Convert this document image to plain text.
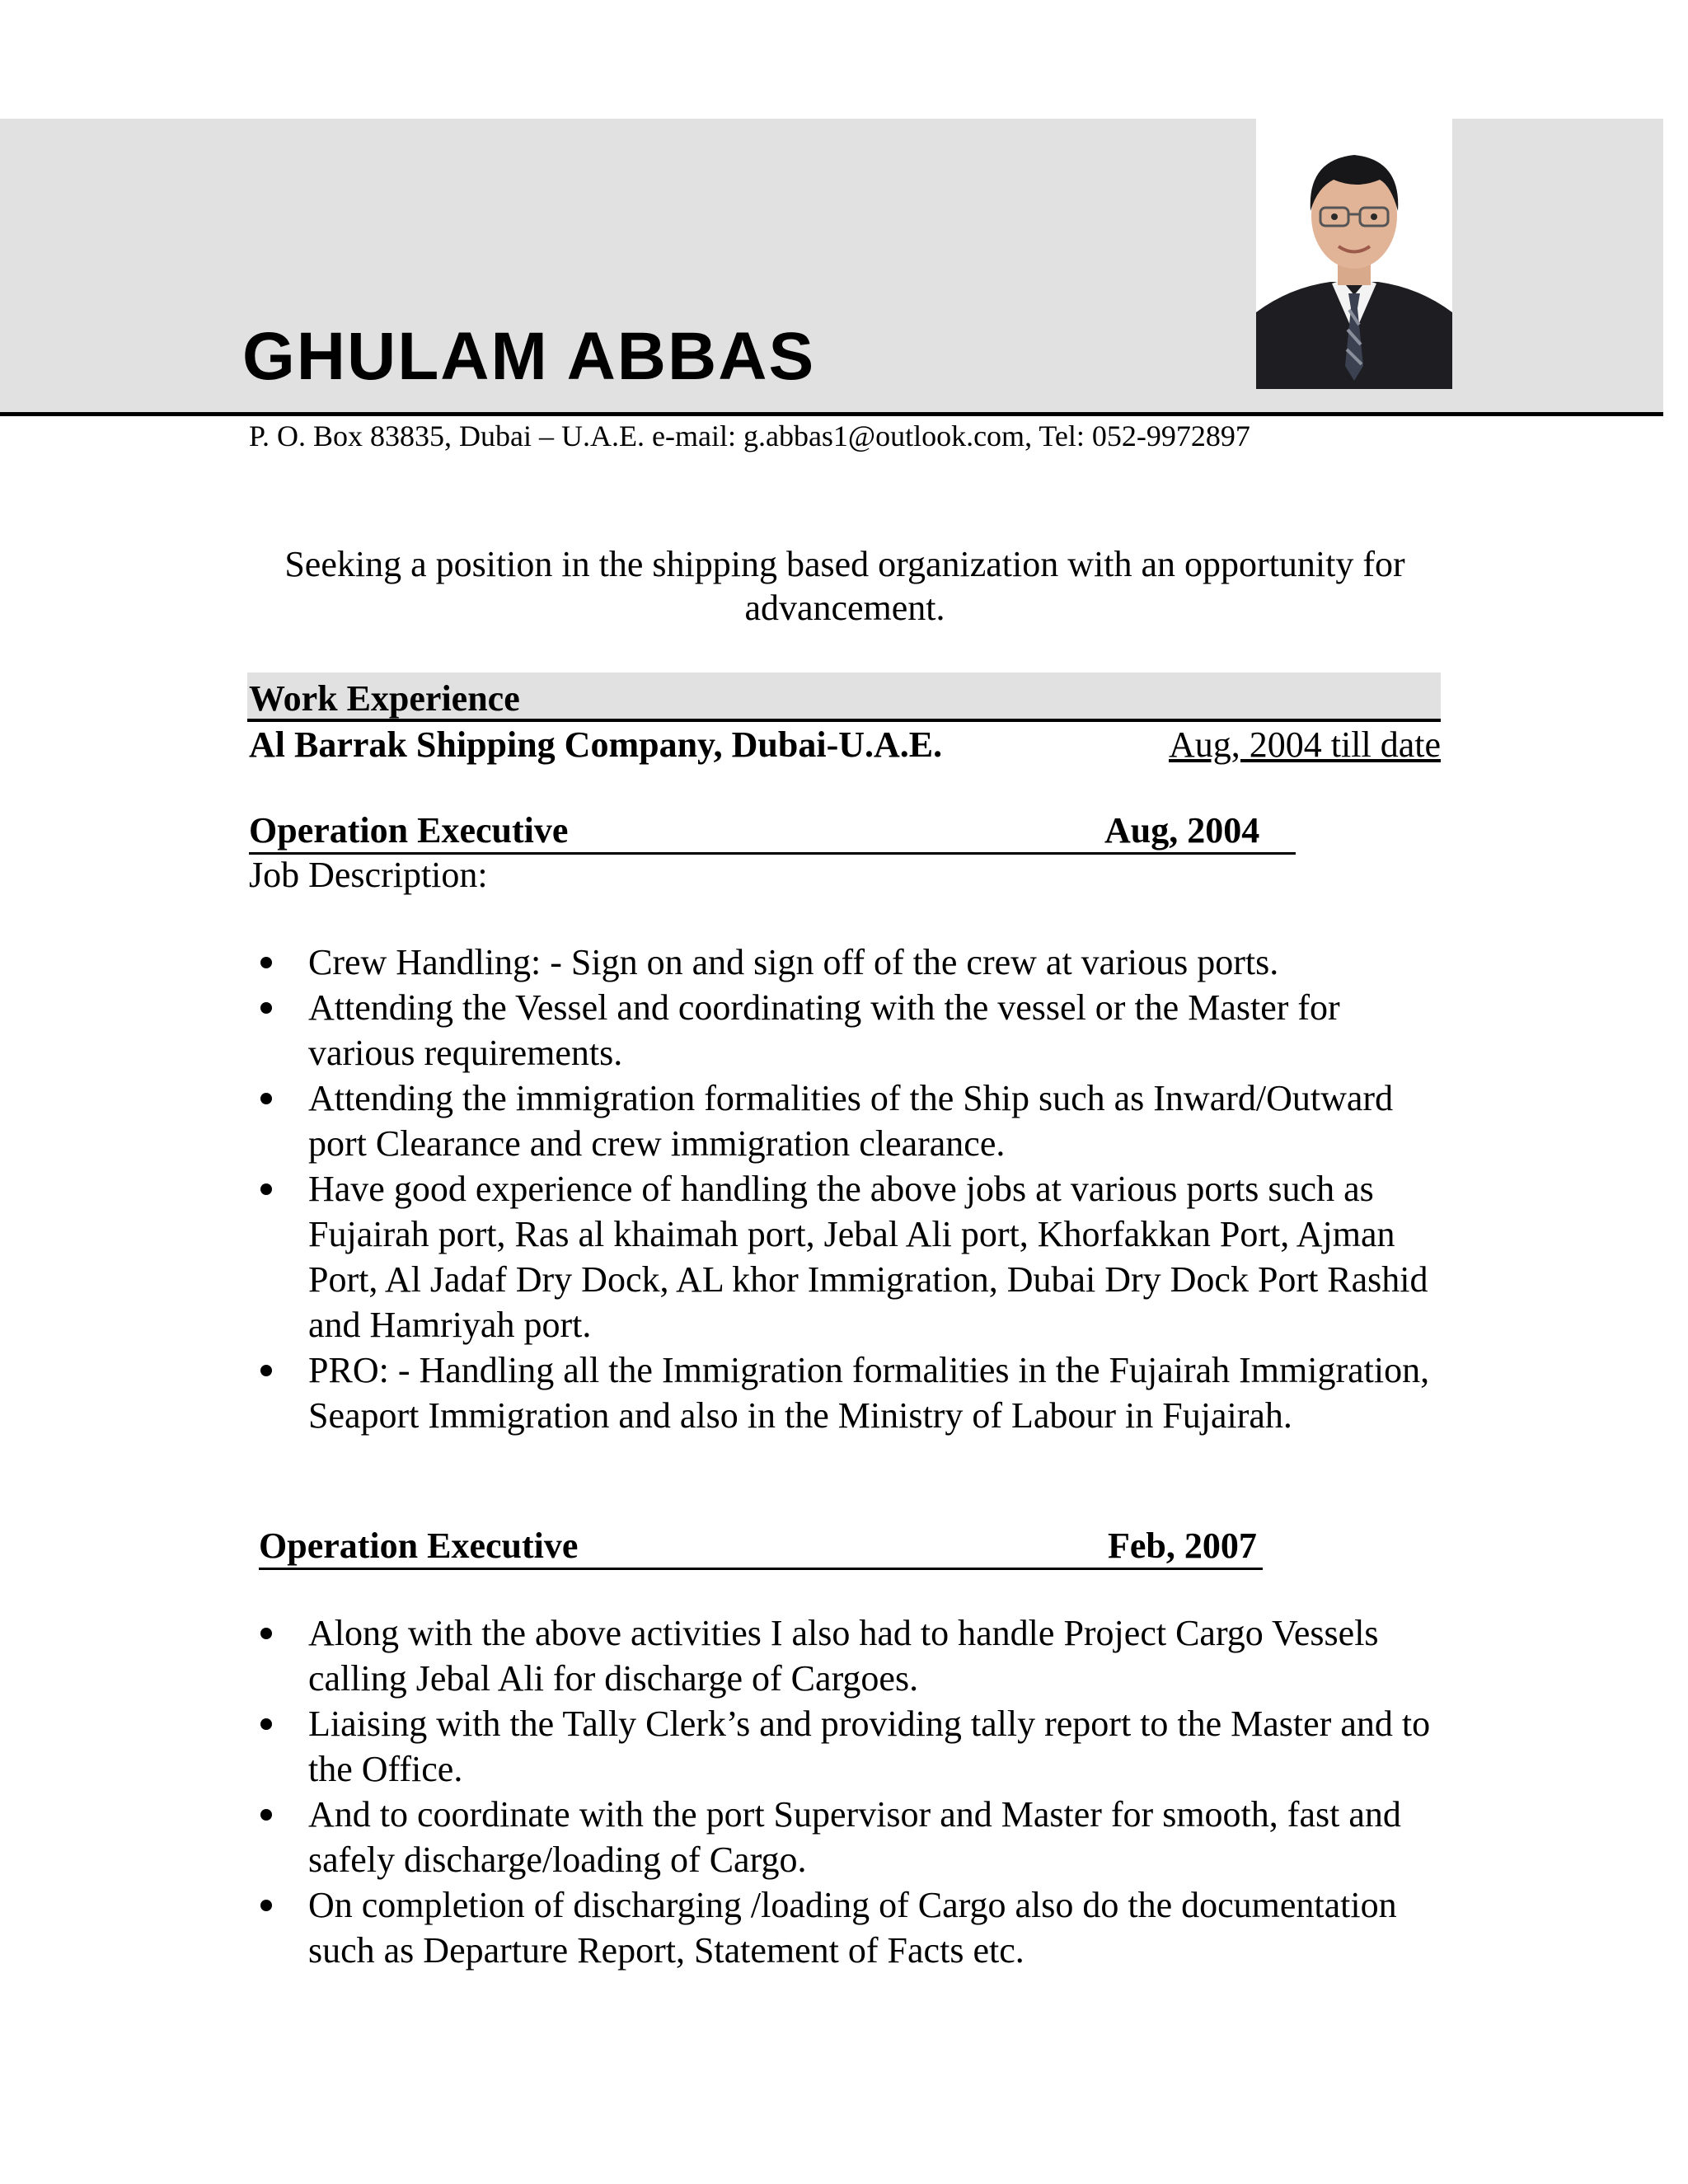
GHULAM ABBAS
P. O. Box 83835, Dubai – U.A.E. e-mail: g.abbas1@outlook.com, Tel: 052-9972897
Seeking a position in the shipping based organization with an opportunity for advancement.
Work Experience
Al Barrak Shipping Company, Dubai-U.A.E.	Aug, 2004 till date
Operation Executive	Aug, 2004
Job Description:
Crew Handling: - Sign on and sign off of the crew at various ports.
Attending the Vessel and coordinating with the vessel or the Master for various requirements.
Attending the immigration formalities of the Ship such as Inward/Outward port Clearance and crew immigration clearance.
Have good experience of handling the above jobs at various ports such as Fujairah port, Ras al khaimah port, Jebal Ali port, Khorfakkan Port, Ajman Port, Al Jadaf Dry Dock, AL khor Immigration, Dubai Dry Dock Port Rashid and Hamriyah port.
PRO: - Handling all the Immigration formalities in the Fujairah Immigration, Seaport Immigration and also in the Ministry of Labour in Fujairah.
Operation Executive	Feb, 2007
Along with the above activities I also had to handle Project Cargo Vessels calling Jebal Ali for discharge of Cargoes.
Liaising with the Tally Clerk’s and providing tally report to the Master and to the Office.
And to coordinate with the port Supervisor and Master for smooth, fast and safely discharge/loading of Cargo.
On completion of discharging /loading of Cargo also do the documentation such as Departure Report, Statement of Facts etc.
